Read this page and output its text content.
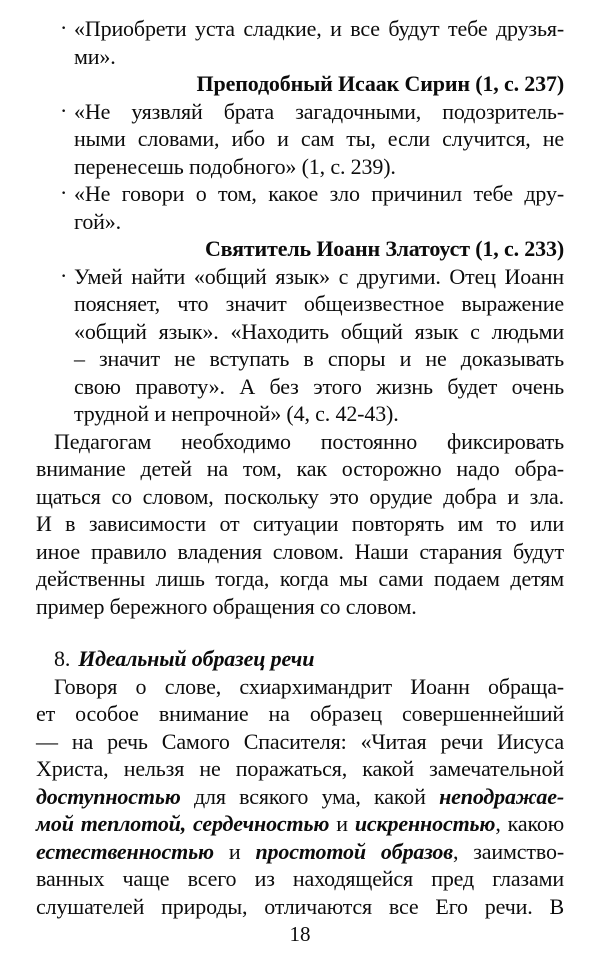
· «Приобрети уста сладкие, и все будут тебе друзья-
ми».
Преподобный Исаак Сирин (1, с. 237)
· «Не уязвляй брата загадочными, подозритель-
ными словами, ибо и сам ты, если случится, не
перенесешь подобного» (1, с. 239).
· «Не говори о том, какое зло причинил тебе дру-
гой».
Святитель Иоанн Златоуст (1, с. 233)
· Умей найти «общий язык» с другими. Отец Иоанн
поясняет, что значит общеизвестное выражение
«общий язык». «Находить общий язык с людьми
– значит не вступать в споры и не доказывать
свою правоту». А без этого жизнь будет очень
трудной и непрочной» (4, с. 42-43).
Педагогам необходимо постоянно фиксировать
внимание детей на том, как осторожно надо обра-
щаться со словом, поскольку это орудие добра и зла.
И в зависимости от ситуации повторять им то или
иное правило владения словом. Наши старания будут
действенны лишь тогда, когда мы сами подаем детям
пример бережного обращения со словом.
8. Идеальный образец речи
Говоря о слове, схиархимандрит Иоанн обраща-
ет особое внимание на образец совершеннейший
— на речь Самого Спасителя: «Читая речи Иисуса
Христа, нельзя не поражаться, какой замечательной
доступностью для всякого ума, какой неподражае-
мой теплотой, сердечностью и искренностью, какою
естественностью и простотой образов, заимство-
ванных чаще всего из находящейся пред глазами
слушателей природы, отличаются все Его речи. В
18
